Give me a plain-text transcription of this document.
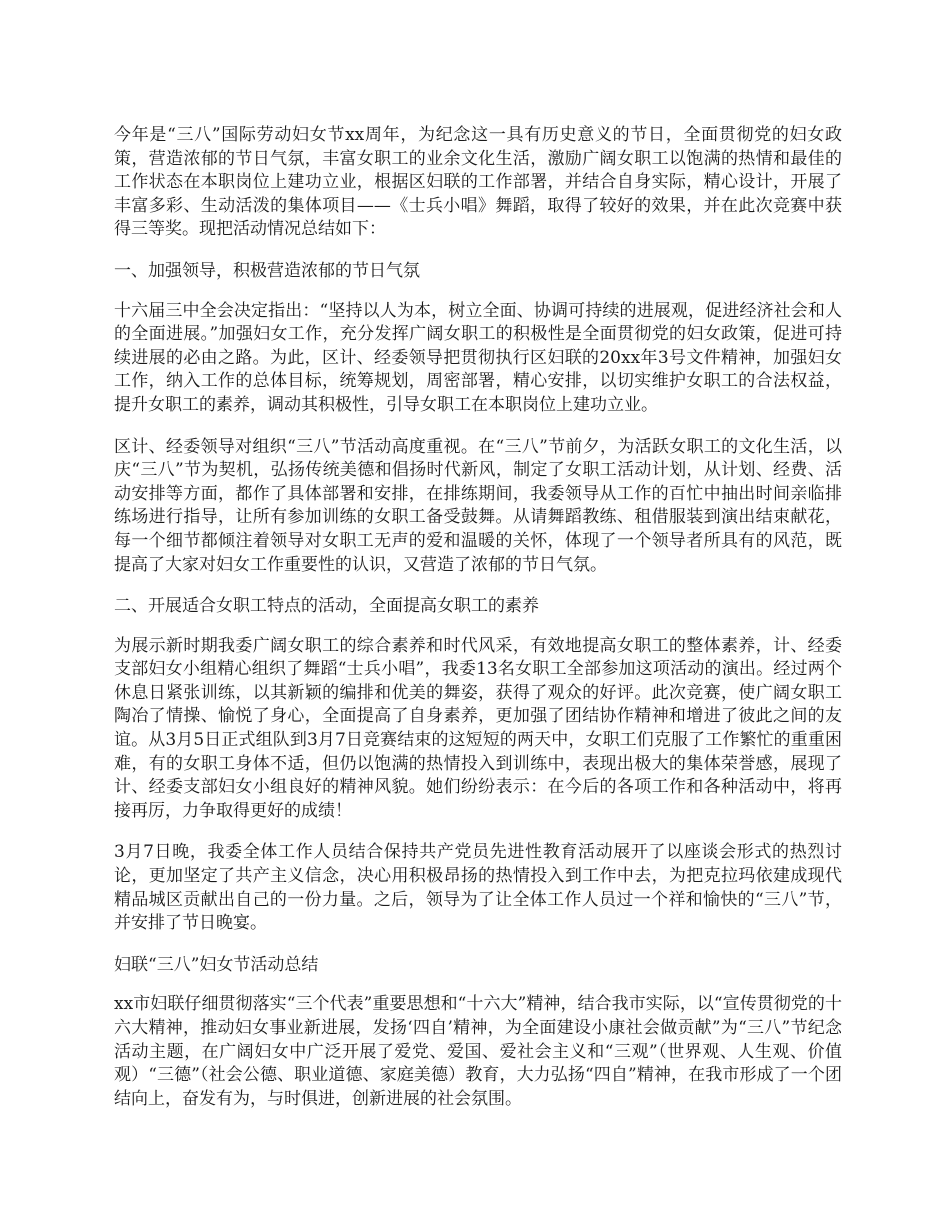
今年是“三八”国际劳动妇女节xx周年，为纪念这一具有历史意义的节日，全面贯彻党的妇女政策，营造浓郁的节日气氛，丰富女职工的业余文化生活，激励广阔女职工以饱满的热情和最佳的工作状态在本职岗位上建功立业，根据区妇联的工作部署，并结合自身实际，精心设计，开展了丰富多彩、生动活泼的集体项目——《士兵小唱》舞蹈，取得了较好的效果，并在此次竞赛中获得三等奖。现把活动情况总结如下：

一、加强领导，积极营造浓郁的节日气氛

十六届三中全会决定指出：“坚持以人为本，树立全面、协调可持续的进展观，促进经济社会和人的全面进展。”加强妇女工作，充分发挥广阔女职工的积极性是全面贯彻党的妇女政策，促进可持续进展的必由之路。为此，区计、经委领导把贯彻执行区妇联的20xx年3号文件精神，加强妇女工作，纳入工作的总体目标，统筹规划，周密部署，精心安排，以切实维护女职工的合法权益，提升女职工的素养，调动其积极性，引导女职工在本职岗位上建功立业。

区计、经委领导对组织“三八”节活动高度重视。在“三八”节前夕，为活跃女职工的文化生活，以庆“三八”节为契机，弘扬传统美德和倡扬时代新风，制定了女职工活动计划，从计划、经费、活动安排等方面，都作了具体部署和安排，在排练期间，我委领导从工作的百忙中抽出时间亲临排练场进行指导，让所有参加训练的女职工备受鼓舞。从请舞蹈教练、租借服装到演出结束献花，每一个细节都倾注着领导对女职工无声的爱和温暖的关怀，体现了一个领导者所具有的风范，既提高了大家对妇女工作重要性的认识，又营造了浓郁的节日气氛。

二、开展适合女职工特点的活动，全面提高女职工的素养

为展示新时期我委广阔女职工的综合素养和时代风采，有效地提高女职工的整体素养，计、经委支部妇女小组精心组织了舞蹈“士兵小唱”，我委13名女职工全部参加这项活动的演出。经过两个休息日紧张训练，以其新颖的编排和优美的舞姿，获得了观众的好评。此次竞赛，使广阔女职工陶冶了情操、愉悦了身心，全面提高了自身素养，更加强了团结协作精神和增进了彼此之间的友谊。从3月5日正式组队到3月7日竞赛结束的这短短的两天中，女职工们克服了工作繁忙的重重困难，有的女职工身体不适，但仍以饱满的热情投入到训练中，表现出极大的集体荣誉感，展现了计、经委支部妇女小组良好的精神风貌。她们纷纷表示：在今后的各项工作和各种活动中，将再接再厉，力争取得更好的成绩！

3月7日晚，我委全体工作人员结合保持共产党员先进性教育活动展开了以座谈会形式的热烈讨论，更加坚定了共产主义信念，决心用积极昂扬的热情投入到工作中去，为把克拉玛依建成现代精品城区贡献出自己的一份力量。之后，领导为了让全体工作人员过一个祥和愉快的“三八”节，并安排了节日晚宴。

妇联“三八”妇女节活动总结

xx市妇联仔细贯彻落实“三个代表”重要思想和“十六大”精神，结合我市实际，以“宣传贯彻党的十六大精神，推动妇女事业新进展，发扬‘四自’精神，为全面建设小康社会做贡献”为“三八”节纪念活动主题，在广阔妇女中广泛开展了爱党、爱国、爱社会主义和“三观”（世界观、人生观、价值观）“三德”（社会公德、职业道德、家庭美德）教育，大力弘扬“四自”精神，在我市形成了一个团结向上，奋发有为，与时俱进，创新进展的社会氛围。
